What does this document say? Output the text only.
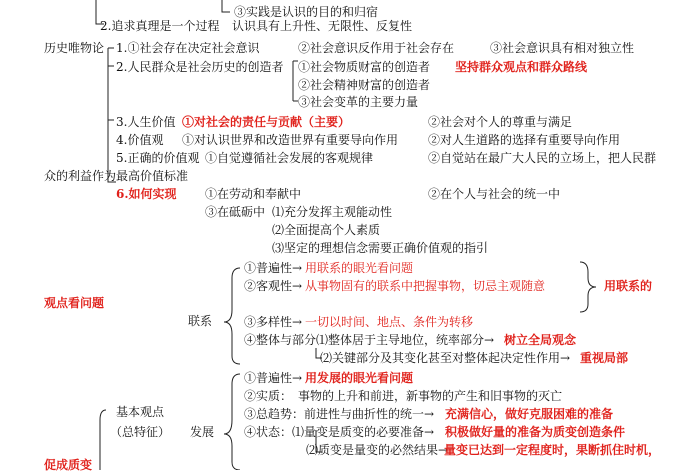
③实践是认识的目的和归宿
2.追求真理是一个过程 认识具有上升性、无限性、反复性
历史唯物论 1.①社会存在决定社会意识	②社会意识反作用于社会存在	③社会意识具有相对独立性
2.人民群众是社会历史的创造者 ①社会物质财富的创造者 坚持群众观点和群众路线
②社会精神财富的创造者
③社会变革的主要力量
3.人生价值 ①对社会的责任与贡献（主要）	②社会对个人的尊重与满足
4.价值观 ①对认识世界和改造世界有重要导向作用 ②对人生道路的选择有重要导向作用
5.正确的价值观 ①自觉遵循社会发展的客观规律	②自觉站在最广大人民的立场上，把人民群
众的利益作为最高价值标准
6.如何实现 ①在劳动和奉献中	②在个人与社会的统一中
③在砥砺中 ⑴充分发挥主观能动性
⑵全面提高个人素质
⑶坚定的理想信念需要正确价值观的指引
观点看问题
联系
①普遍性→ 用联系的眼光看问题
②客观性→ 从事物固有的联系中把握事物，切忌主观随意	用联系的
③多样性→ 一切以时间、地点、条件为转移
④整体与部分⑴整体居于主导地位，统率部分→ 树立全局观念
⑵关键部分及其变化甚至对整体起决定性作用→ 重视局部
基本观点
（总特征） 发展
①普遍性→ 用发展的眼光看问题
②实质：　事物的上升和前进，新事物的产生和旧事物的灭亡
③总趋势：前进性与曲折性的统一→ 充满信心，做好克服困难的准备
④状态：⑴量变是质变的必要准备→ 积极做好量的准备为质变创造条件
⑵质变是量变的必然结果→
量变已达到一定程度时，果断抓住时机，
促成质变
